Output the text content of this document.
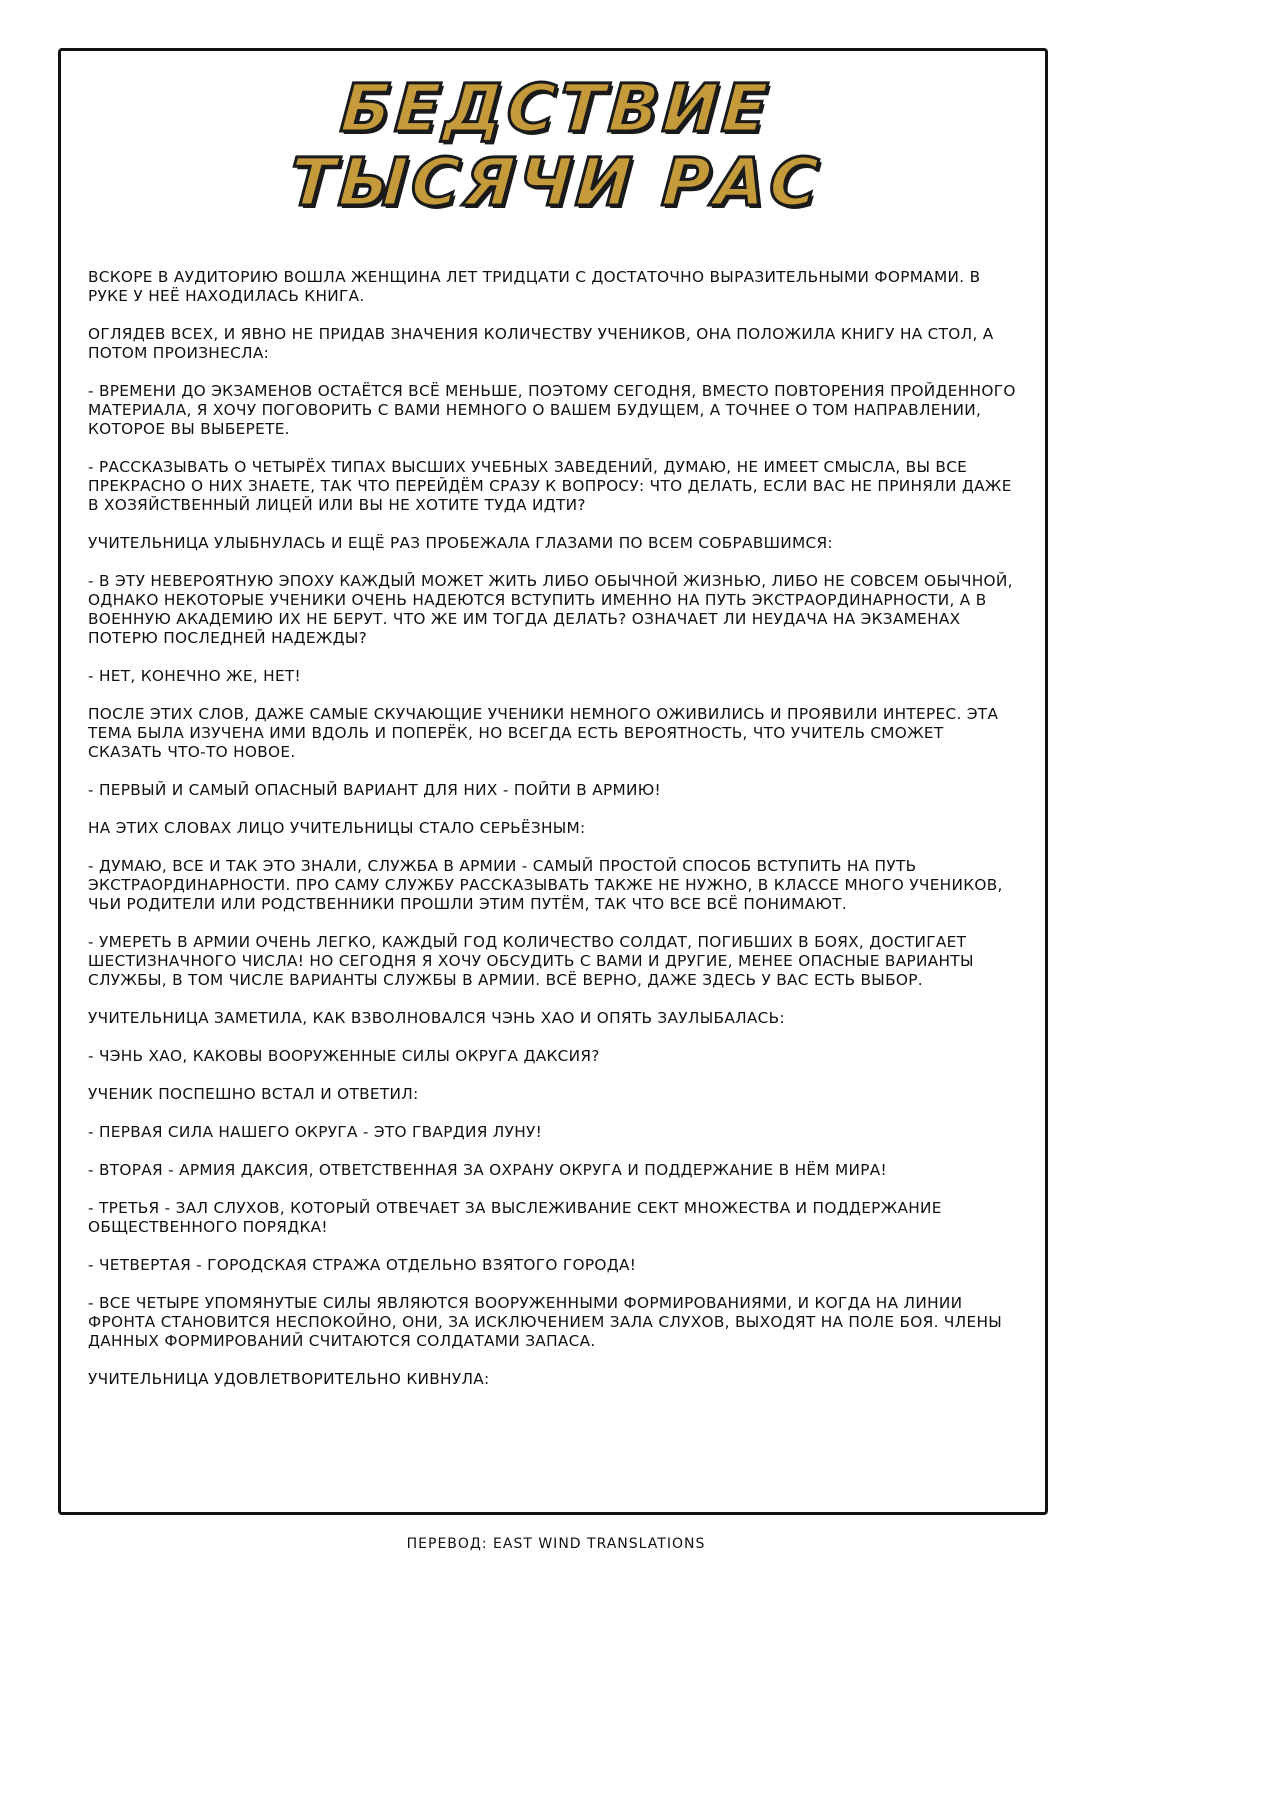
БЕДСТВИЕ
ТЫСЯЧИ РАС

ВСКОРЕ В АУДИТОРИЮ ВОШЛА ЖЕНЩИНА ЛЕТ ТРИДЦАТИ С ДОСТАТОЧНО ВЫРАЗИТЕЛЬНЫМИ ФОРМАМИ. В РУКЕ У НЕЁ НАХОДИЛАСЬ КНИГА.

ОГЛЯДЕВ ВСЕХ, И ЯВНО НЕ ПРИДАВ ЗНАЧЕНИЯ КОЛИЧЕСТВУ УЧЕНИКОВ, ОНА ПОЛОЖИЛА КНИГУ НА СТОЛ, А ПОТОМ ПРОИЗНЕСЛА:

- ВРЕМЕНИ ДО ЭКЗАМЕНОВ ОСТАЁТСЯ ВСЁ МЕНЬШЕ, ПОЭТОМУ СЕГОДНЯ, ВМЕСТО ПОВТОРЕНИЯ ПРОЙДЕННОГО МАТЕРИАЛА, Я ХОЧУ ПОГОВОРИТЬ С ВАМИ НЕМНОГО О ВАШЕМ БУДУЩЕМ, А ТОЧНЕЕ О ТОМ НАПРАВЛЕНИИ, КОТОРОЕ ВЫ ВЫБЕРЕТЕ.

- РАССКАЗЫВАТЬ О ЧЕТЫРЁХ ТИПАХ ВЫСШИХ УЧЕБНЫХ ЗАВЕДЕНИЙ, ДУМАЮ, НЕ ИМЕЕТ СМЫСЛА, ВЫ ВСЕ ПРЕКРАСНО О НИХ ЗНАЕТЕ, ТАК ЧТО ПЕРЕЙДЁМ СРАЗУ К ВОПРОСУ: ЧТО ДЕЛАТЬ, ЕСЛИ ВАС НЕ ПРИНЯЛИ ДАЖЕ В ХОЗЯЙСТВЕННЫЙ ЛИЦЕЙ ИЛИ ВЫ НЕ ХОТИТЕ ТУДА ИДТИ?

УЧИТЕЛЬНИЦА УЛЫБНУЛАСЬ И ЕЩЁ РАЗ ПРОБЕЖАЛА ГЛАЗАМИ ПО ВСЕМ СОБРАВШИМСЯ:

- В ЭТУ НЕВЕРОЯТНУЮ ЭПОХУ КАЖДЫЙ МОЖЕТ ЖИТЬ ЛИБО ОБЫЧНОЙ ЖИЗНЬЮ, ЛИБО НЕ СОВСЕМ ОБЫЧНОЙ, ОДНАКО НЕКОТОРЫЕ УЧЕНИКИ ОЧЕНЬ НАДЕЮТСЯ ВСТУПИТЬ ИМЕННО НА ПУТЬ ЭКСТРАОРДИНАРНОСТИ, А В ВОЕННУЮ АКАДЕМИЮ ИХ НЕ БЕРУТ. ЧТО ЖЕ ИМ ТОГДА ДЕЛАТЬ? ОЗНАЧАЕТ ЛИ НЕУДАЧА НА ЭКЗАМЕНАХ ПОТЕРЮ ПОСЛЕДНЕЙ НАДЕЖДЫ?

- НЕТ, КОНЕЧНО ЖЕ, НЕТ!

ПОСЛЕ ЭТИХ СЛОВ, ДАЖЕ САМЫЕ СКУЧАЮЩИЕ УЧЕНИКИ НЕМНОГО ОЖИВИЛИСЬ И ПРОЯВИЛИ ИНТЕРЕС. ЭТА ТЕМА БЫЛА ИЗУЧЕНА ИМИ ВДОЛЬ И ПОПЕРЁК, НО ВСЕГДА ЕСТЬ ВЕРОЯТНОСТЬ, ЧТО УЧИТЕЛЬ СМОЖЕТ СКАЗАТЬ ЧТО-ТО НОВОЕ.

- ПЕРВЫЙ И САМЫЙ ОПАСНЫЙ ВАРИАНТ ДЛЯ НИХ - ПОЙТИ В АРМИЮ!

НА ЭТИХ СЛОВАХ ЛИЦО УЧИТЕЛЬНИЦЫ СТАЛО СЕРЬЁЗНЫМ:

- ДУМАЮ, ВСЕ И ТАК ЭТО ЗНАЛИ, СЛУЖБА В АРМИИ - САМЫЙ ПРОСТОЙ СПОСОБ ВСТУПИТЬ НА ПУТЬ ЭКСТРАОРДИНАРНОСТИ. ПРО САМУ СЛУЖБУ РАССКАЗЫВАТЬ ТАКЖЕ НЕ НУЖНО, В КЛАССЕ МНОГО УЧЕНИКОВ, ЧЬИ РОДИТЕЛИ ИЛИ РОДСТВЕННИКИ ПРОШЛИ ЭТИМ ПУТЁМ, ТАК ЧТО ВСЕ ВСЁ ПОНИМАЮТ.

- УМЕРЕТЬ В АРМИИ ОЧЕНЬ ЛЕГКО, КАЖДЫЙ ГОД КОЛИЧЕСТВО СОЛДАТ, ПОГИБШИХ В БОЯХ, ДОСТИГАЕТ ШЕСТИЗНАЧНОГО ЧИСЛА! НО СЕГОДНЯ Я ХОЧУ ОБСУДИТЬ С ВАМИ И ДРУГИЕ, МЕНЕЕ ОПАСНЫЕ ВАРИАНТЫ СЛУЖБЫ, В ТОМ ЧИСЛЕ ВАРИАНТЫ СЛУЖБЫ В АРМИИ. ВСЁ ВЕРНО, ДАЖЕ ЗДЕСЬ У ВАС ЕСТЬ ВЫБОР.

УЧИТЕЛЬНИЦА ЗАМЕТИЛА, КАК ВЗВОЛНОВАЛСЯ ЧЭНЬ ХАО И ОПЯТЬ ЗАУЛЫБАЛАСЬ:

- ЧЭНЬ ХАО, КАКОВЫ ВООРУЖЕННЫЕ СИЛЫ ОКРУГА ДАКСИЯ?

УЧЕНИК ПОСПЕШНО ВСТАЛ И ОТВЕТИЛ:

- ПЕРВАЯ СИЛА НАШЕГО ОКРУГА - ЭТО ГВАРДИЯ ЛУНУ!

- ВТОРАЯ - АРМИЯ ДАКСИЯ, ОТВЕТСТВЕННАЯ ЗА ОХРАНУ ОКРУГА И ПОДДЕРЖАНИЕ В НЁМ МИРА!

- ТРЕТЬЯ - ЗАЛ СЛУХОВ, КОТОРЫЙ ОТВЕЧАЕТ ЗА ВЫСЛЕЖИВАНИЕ СЕКТ МНОЖЕСТВА И ПОДДЕРЖАНИЕ ОБЩЕСТВЕННОГО ПОРЯДКА!

- ЧЕТВЕРТАЯ - ГОРОДСКАЯ СТРАЖА ОТДЕЛЬНО ВЗЯТОГО ГОРОДА!

- ВСЕ ЧЕТЫРЕ УПОМЯНУТЫЕ СИЛЫ ЯВЛЯЮТСЯ ВООРУЖЕННЫМИ ФОРМИРОВАНИЯМИ, И КОГДА НА ЛИНИИ ФРОНТА СТАНОВИТСЯ НЕСПОКОЙНО, ОНИ, ЗА ИСКЛЮЧЕНИЕМ ЗАЛА СЛУХОВ, ВЫХОДЯТ НА ПОЛЕ БОЯ. ЧЛЕНЫ ДАННЫХ ФОРМИРОВАНИЙ СЧИТАЮТСЯ СОЛДАТАМИ ЗАПАСА.

УЧИТЕЛЬНИЦА УДОВЛЕТВОРИТЕЛЬНО КИВНУЛА:

ПЕРЕВОД: EAST WIND TRANSLATIONS
